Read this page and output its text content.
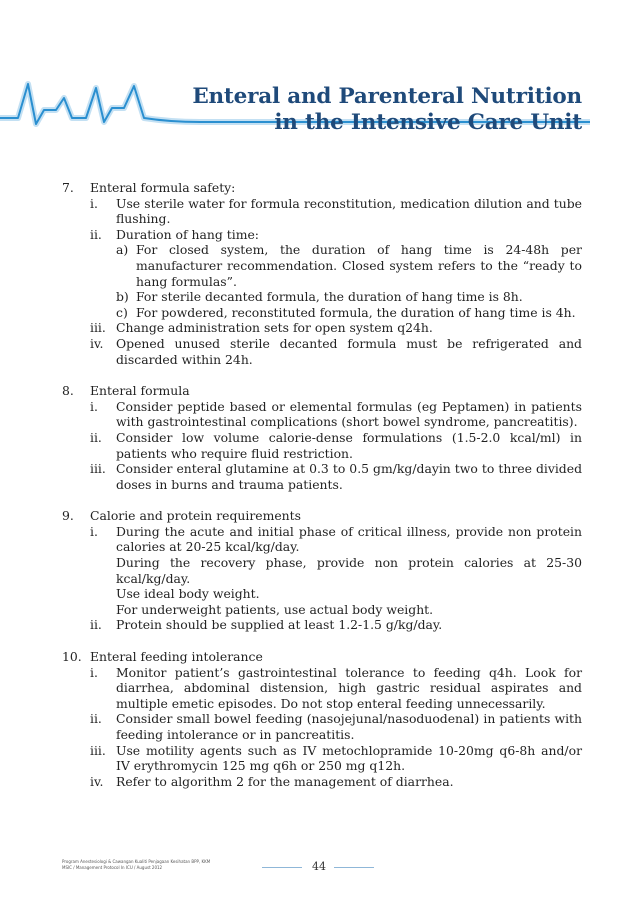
Enteral and Parenteral Nutrition
in the Intensive Care Unit
7.	Enteral formula safety:
i.	Use sterile water for formula reconstitution, medication dilution and tube flushing.
ii.	Duration of hang time:
a) For closed system, the duration of hang time is 24-48h per manufacturer recommendation. Closed system refers to the “ready to hang formulas”.
b) For sterile decanted formula, the duration of hang time is 8h.
c) For powdered, reconstituted formula, the duration of hang time is 4h.
iii. Change administration sets for open system q24h.
iv.	Opened unused sterile decanted formula must be refrigerated and discarded within 24h.
8.	Enteral formula
i.	Consider peptide based or elemental formulas (eg Peptamen) in patients with gastrointestinal complications (short bowel syndrome, pancreatitis).
ii.	Consider low volume calorie-dense formulations (1.5-2.0 kcal/ml) in patients who require fluid restriction.
iii. Consider enteral glutamine at 0.3 to 0.5 gm/kg/dayin two to three divided doses in burns and trauma patients.
9.	Calorie and protein requirements
i.	During the acute and initial phase of critical illness, provide non protein calories at 20-25 kcal/kg/day.
During the recovery phase, provide non protein calories at 25-30 kcal/kg/day.
Use ideal body weight.
For underweight patients, use actual body weight.
ii.	Protein should be supplied at least 1.2-1.5 g/kg/day.
10. Enteral feeding intolerance
i.	Monitor patient’s gastrointestinal tolerance to feeding q4h. Look for diarrhea, abdominal distension, high gastric residual aspirates and multiple emetic episodes. Do not stop enteral feeding unnecessarily.
ii.	Consider small bowel feeding (nasojejunal/nasoduodenal) in patients with feeding intolerance or in pancreatitis.
iii. Use motility agents such as IV metochlopramide 10-20mg q6-8h and/or IV erythromycin 125 mg q6h or 250 mg q12h.
iv.	Refer to algorithm 2 for the management of diarrhea.
Program Anestesiologi & Cawangan Kualiti Penjagaan Kesihatan BPP, KKM
MSIC / Management Protocol In ICU / August 2012	44
